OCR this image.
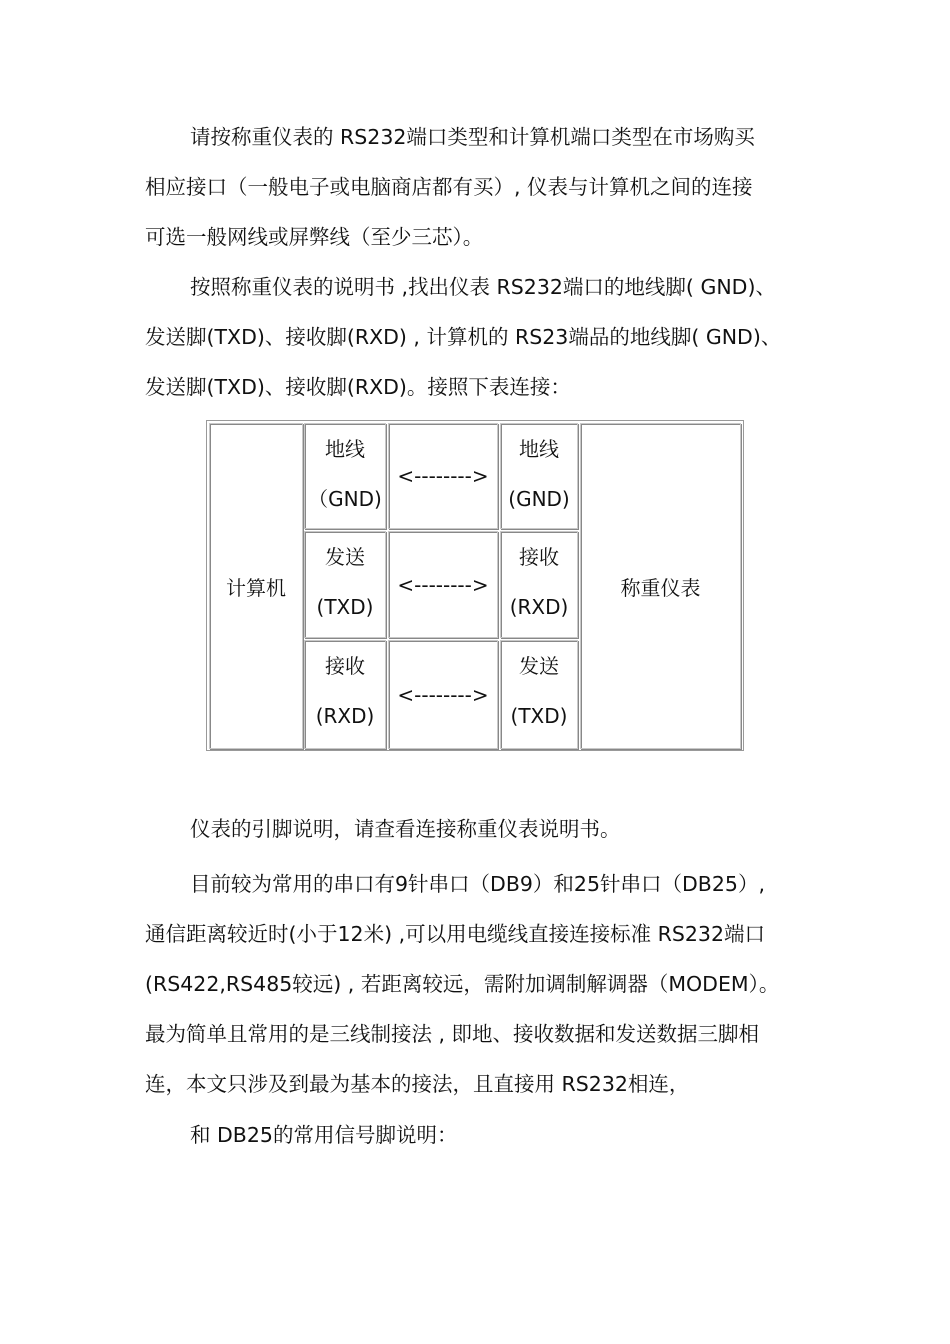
请按称重仪表的 RS232端口类型和计算机端口类型在市场购买
相应接口（一般电子或电脑商店都有买）, 仪表与计算机之间的连接
可选一般网线或屏弊线（至少三芯）。
按照称重仪表的说明书 ,找出仪表 RS232端口的地线脚( GND)、
发送脚(TXD)、接收脚(RXD) , 计算机的 RS23端品的地线脚( GND)、
发送脚(TXD)、接收脚(RXD)。接照下表连接：
计算机
地线
（GND)
<-------->
地线
(GND)
发送
(TXD)
<-------->
接收
(RXD)
接收
(RXD)
<-------->
发送
(TXD)
称重仪表
仪表的引脚说明，请查看连接称重仪表说明书。
目前较为常用的串口有9针串口（DB9）和25针串口（DB25）,
通信距离较近时(小于12米) ,可以用电缆线直接连接标准 RS232端口
(RS422,RS485较远) , 若距离较远，需附加调制解调器（MODEM）。
最为简单且常用的是三线制接法 , 即地、接收数据和发送数据三脚相
连，本文只涉及到最为基本的接法，且直接用 RS232相连，
和 DB25的常用信号脚说明：
